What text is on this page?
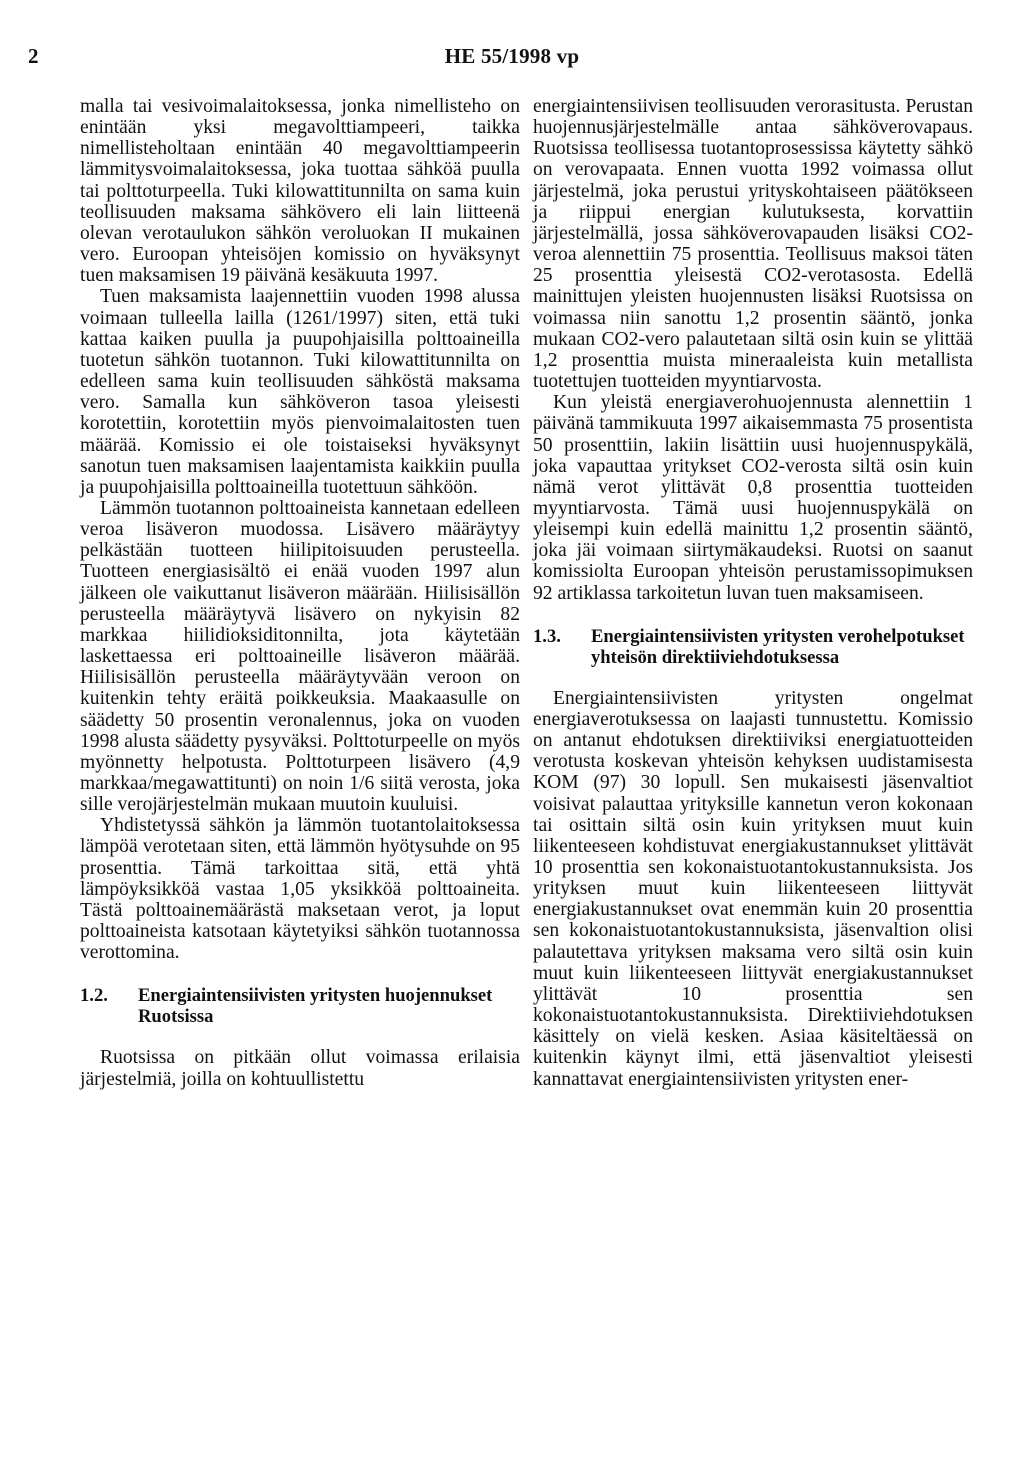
2	HE 55/1998 vp

malla tai vesivoimalaitoksessa, jonka nimellisteho on enintään yksi megavolttiampeeri, taikka nimellisteholtaan enintään 40 megavolttiampeerin lämmitysvoimalaitoksessa, joka tuottaa sähköä puulla tai polttoturpeella. Tuki kilowattitunnilta on sama kuin teollisuuden maksama sähkövero eli lain liitteenä olevan verotaulukon sähkön veroluokan II mukainen vero. Euroopan yhteisöjen komissio on hyväksynyt tuen maksamisen 19 päivänä kesäkuuta 1997.

Tuen maksamista laajennettiin vuoden 1998 alussa voimaan tulleella lailla (1261/1997) siten, että tuki kattaa kaiken puulla ja puupohjaisilla polttoaineilla tuotetun sähkön tuotannon. Tuki kilowattitunnilta on edelleen sama kuin teollisuuden sähköstä maksama vero. Samalla kun sähköveron tasoa yleisesti korotettiin, korotettiin myös pienvoimalaitosten tuen määrää. Komissio ei ole toistaiseksi hyväksynyt sanotun tuen maksamisen laajentamista kaikkiin puulla ja puupohjaisilla polttoaineilla tuotettuun sähköön.

Lämmön tuotannon polttoaineista kannetaan edelleen veroa lisäveron muodossa. Lisävero määräytyy pelkästään tuotteen hiilipitoisuuden perusteella. Tuotteen energiasisältö ei enää vuoden 1997 alun jälkeen ole vaikuttanut lisäveron määrään. Hiilisisällön perusteella määräytyvä lisävero on nykyisin 82 markkaa hiilidioksiditonnilta, jota käytetään laskettaessa eri polttoaineille lisäveron määrää. Hiilisisällön perusteella määräytyvään veroon on kuitenkin tehty eräitä poikkeuksia. Maakaasulle on säädetty 50 prosentin veronalennus, joka on vuoden 1998 alusta säädetty pysyväksi. Polttoturpeelle on myös myönnetty helpotusta. Polttoturpeen lisävero (4,9 markkaa/megawattitunti) on noin 1/6 siitä verosta, joka sille verojärjestelmän mukaan muutoin kuuluisi.

Yhdistetyssä sähkön ja lämmön tuotantolaitoksessa lämpöä verotetaan siten, että lämmön hyötysuhde on 95 prosenttia. Tämä tarkoittaa sitä, että yhtä lämpöyksikköä vastaa 1,05 yksikköä polttoaineita. Tästä polttoainemäärästä maksetaan verot, ja loput polttoaineista katsotaan käytetyiksi sähkön tuotannossa verottomina.

1.2.	Energiaintensiivisten yritysten huojennukset Ruotsissa

Ruotsissa on pitkään ollut voimassa erilaisia järjestelmiä, joilla on kohtuullistettu

energiaintensiivisen teollisuuden verorasitusta. Perustan huojennusjärjestelmälle antaa sähköverovapaus. Ruotsissa teollisessa tuotantoprosessissa käytetty sähkö on verovapaata. Ennen vuotta 1992 voimassa ollut järjestelmä, joka perustui yrityskohtaiseen päätökseen ja riippui energian kulutuksesta, korvattiin järjestelmällä, jossa sähköverovapauden lisäksi CO2-veroa alennettiin 75 prosenttia. Teollisuus maksoi täten 25 prosenttia yleisestä CO2-verotasosta. Edellä mainittujen yleisten huojennusten lisäksi Ruotsissa on voimassa niin sanottu 1,2 prosentin sääntö, jonka mukaan CO2-vero palautetaan siltä osin kuin se ylittää 1,2 prosenttia muista mineraaleista kuin metallista tuotettujen tuotteiden myyntiarvosta.

Kun yleistä energiaverohuojennusta alennettiin 1 päivänä tammikuuta 1997 aikaisemmasta 75 prosentista 50 prosenttiin, lakiin lisättiin uusi huojennuspykälä, joka vapauttaa yritykset CO2-verosta siltä osin kuin nämä verot ylittävät 0,8 prosenttia tuotteiden myyntiarvosta. Tämä uusi huojennuspykälä on yleisempi kuin edellä mainittu 1,2 prosentin sääntö, joka jäi voimaan siirtymäkaudeksi. Ruotsi on saanut komissiolta Euroopan yhteisön perustamissopimuksen 92 artiklassa tarkoitetun luvan tuen maksamiseen.

1.3.	Energiaintensiivisten yritysten verohelpotukset yhteisön direktiiviehdotuksessa

Energiaintensiivisten yritysten ongelmat energiaverotuksessa on laajasti tunnustettu. Komissio on antanut ehdotuksen direktiiviksi energiatuotteiden verotusta koskevan yhteisön kehyksen uudistamisesta KOM (97) 30 lopull. Sen mukaisesti jäsenvaltiot voisivat palauttaa yrityksille kannetun veron kokonaan tai osittain siltä osin kuin yrityksen muut kuin liikenteeseen kohdistuvat energiakustannukset ylittävät 10 prosenttia sen kokonaistuotantokustannuksista. Jos yrityksen muut kuin liikenteeseen liittyvät energiakustannukset ovat enemmän kuin 20 prosenttia sen kokonaistuotantokustannuksista, jäsenvaltion olisi palautettava yrityksen maksama vero siltä osin kuin muut kuin liikenteeseen liittyvät energiakustannukset ylittävät 10 prosenttia sen kokonaistuotantokustannuksista. Direktiiviehdotuksen käsittely on vielä kesken. Asiaa käsiteltäessä on kuitenkin käynyt ilmi, että jäsenvaltiot yleisesti kannattavat energiaintensiivisten yritysten ener-
